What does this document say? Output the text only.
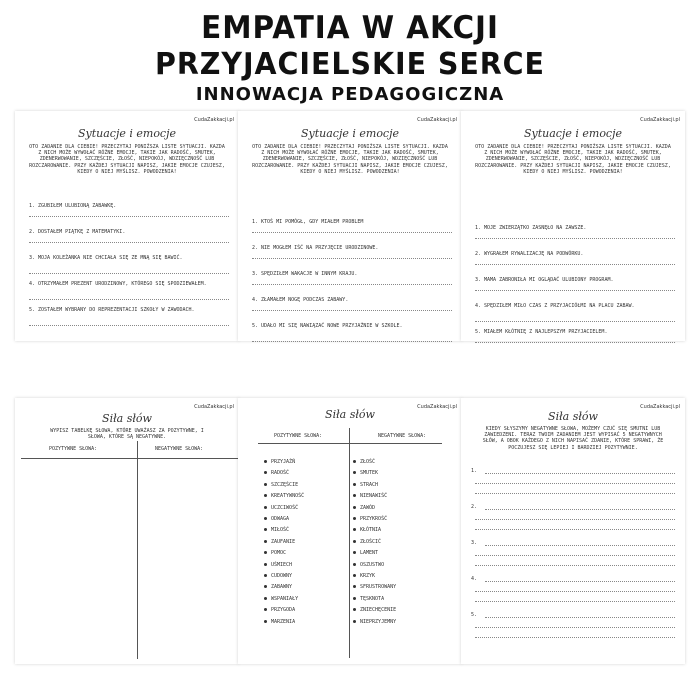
EMPATIA W AKCJI
PRZYJACIELSKIE SERCE
INNOWACJA PEDAGOGICZNA
CudaZakkacji.pl
Sytuacje i emocje
OTO ZADANIE DLA CIEBIE! PRZECZYTAJ PONIŻSZA LISTE SYTUACJI. KAZDA Z NICH MOŻE WYWOŁAĆ RÓŻNE EMOCJE, TAKIE JAK RADOŚĆ, SMUTEK, ZDENERWOWANIE, SZCZĘŚCIE, ZŁOŚĆ, NIEPOKÓJ, WDZIĘCZNOŚĆ LUB ROZCZAROWANIE. PRZY KAŻDEJ SYTUACJI NAPISZ, JAKIE EMOCJE CZUJESZ, KIEDY O NIEJ MYŚLISZ. POWODZENIA!
1. ZGUBIŁEM ULUBIONĄ ZABAWKĘ.
2. DOSTAŁEM PIĄTKĘ Z MATEMATYKI.
3. MOJA KOLEŻANKA NIE CHCIAŁA SIĘ ZE MNĄ SIĘ BAWIĆ.
4. OTRZYMAŁEM PREZENT URODZINOWY, KTÓREGO SIĘ SPODZIEWAŁEM.
5. ZOSTAŁEM WYBRANY DO REPREZENTACJI SZKOŁY W ZAWODACH.
CudaZakkacji.pl
Sytuacje i emocje
OTO ZADANIE DLA CIEBIE! PRZECZYTAJ PONIŻSZA LISTE SYTUACJI. KAZDA Z NICH MOŻE WYWOŁAĆ RÓŻNE EMOCJE, TAKIE JAK RADOŚĆ, SMUTEK, ZDENERWOWANIE, SZCZĘŚCIE, ZŁOŚĆ, NIEPOKÓJ, WDZIĘCZNOŚĆ LUB ROZCZAROWANIE. PRZY KAŻDEJ SYTUACJI NAPISZ, JAKIE EMOCJE CZUJESZ, KIEDY O NIEJ MYŚLISZ. POWODZENIA!
1. KTOŚ MI POMÓGŁ, GDY MIAŁEM PROBLEM
2. NIE MOGŁEM IŚĆ NA PRZYJĘCIE URODZINOWE.
3. SPĘDZIŁEM WAKACJE W INNYM KRAJU.
4. ZŁAMAŁEM NOGĘ PODCZAS ZABAWY.
5. UDAŁO MI SIĘ NAWIĄZAĆ NOWE PRZYJAŹNIE W SZKOLE.
CudaZakkacji.pl
Sytuacje i emocje
OTO ZADANIE DLA CIEBIE! PRZECZYTAJ PONIŻSZA LISTE SYTUACJI. KAZDA Z NICH MOŻE WYWOŁAĆ RÓŻNE EMOCJE, TAKIE JAK RADOŚĆ, SMUTEK, ZDENERWOWANIE, SZCZĘŚCIE, ZŁOŚĆ, NIEPOKÓJ, WDZIĘCZNOŚĆ LUB ROZCZAROWANIE. PRZY KAŻDEJ SYTUACJI NAPISZ, JAKIE EMOCJE CZUJESZ, KIEDY O NIEJ MYŚLISZ. POWODZENIA!
1. MOJE ZWIERZĄTKO ZASNĘŁO NA ZAWSZE.
2. WYGRAŁEM RYWALIZACJĘ NA PODWÓRKU.
3. MAMA ZABRONIŁA MI OGLĄDAĆ ULUBIONY PROGRAM.
4. SPĘDZIŁEM MIŁO CZAS Z PRZYJACIÓŁMI NA PLACU ZABAW.
5. MIAŁEM KŁÓTNIĘ Z NAJLEPSZYM PRZYJACIELEM.
CudaZakkacji.pl
Siła słów
WYPISZ TABELKĘ SŁOWA, KTÓRE UWAŻASZ ZA POZYTYWNE, I SŁOWA, KTÓRE SĄ NEGATYWNE.
POZYTYWNE SŁOWA:	NEGATYWNE SŁOWA:
CudaZakkacji.pl
Siła słów
POZYTYWNE SŁOWA:	NEGATYWNE SŁOWA:
PRZYJAŹŃ
RADOŚĆ
SZCZĘŚCIE
KREATYWNOŚĆ
UCZCIWOŚĆ
ODWAGA
MIŁOŚĆ
ZAUFANIE
POMOC
UŚMIECH
CUDOWNY
ZABAWNY
WSPANIAŁY
PRZYGODA
MARZENIA
ZŁOŚĆ
SMUTEK
STRACH
NIENAWIŚĆ
ZAWÓD
PRZYKROŚĆ
KŁÓTNIA
ZŁOŚCIĆ
LAMENT
OSZUSTWO
KRZYK
SFRUSTROWANY
TĘSKNOTA
ZNIECHĘCENIE
NIEPRZYJEMNY
CudaZakkacji.pl
Siła słów
KIEDY SŁYSZYMY NEGATYWNE SŁOWA, MOŻEMY CZUĆ SIĘ SMUTNI LUB ZAWIEDZENI. TERAZ TWOIM ZADANIEM JEST WYPISAĆ 5 NEGATYWNYCH SŁÓW, A OBOK KAŻDEGO Z NICH NAPISAĆ ZDANIE, KTÓRE SPRAWI, ŻE POCZUJESZ SIĘ LEPIEJ I BARDZIEJ POZYTYWNIE.
1.
2.
3.
4.
5.
